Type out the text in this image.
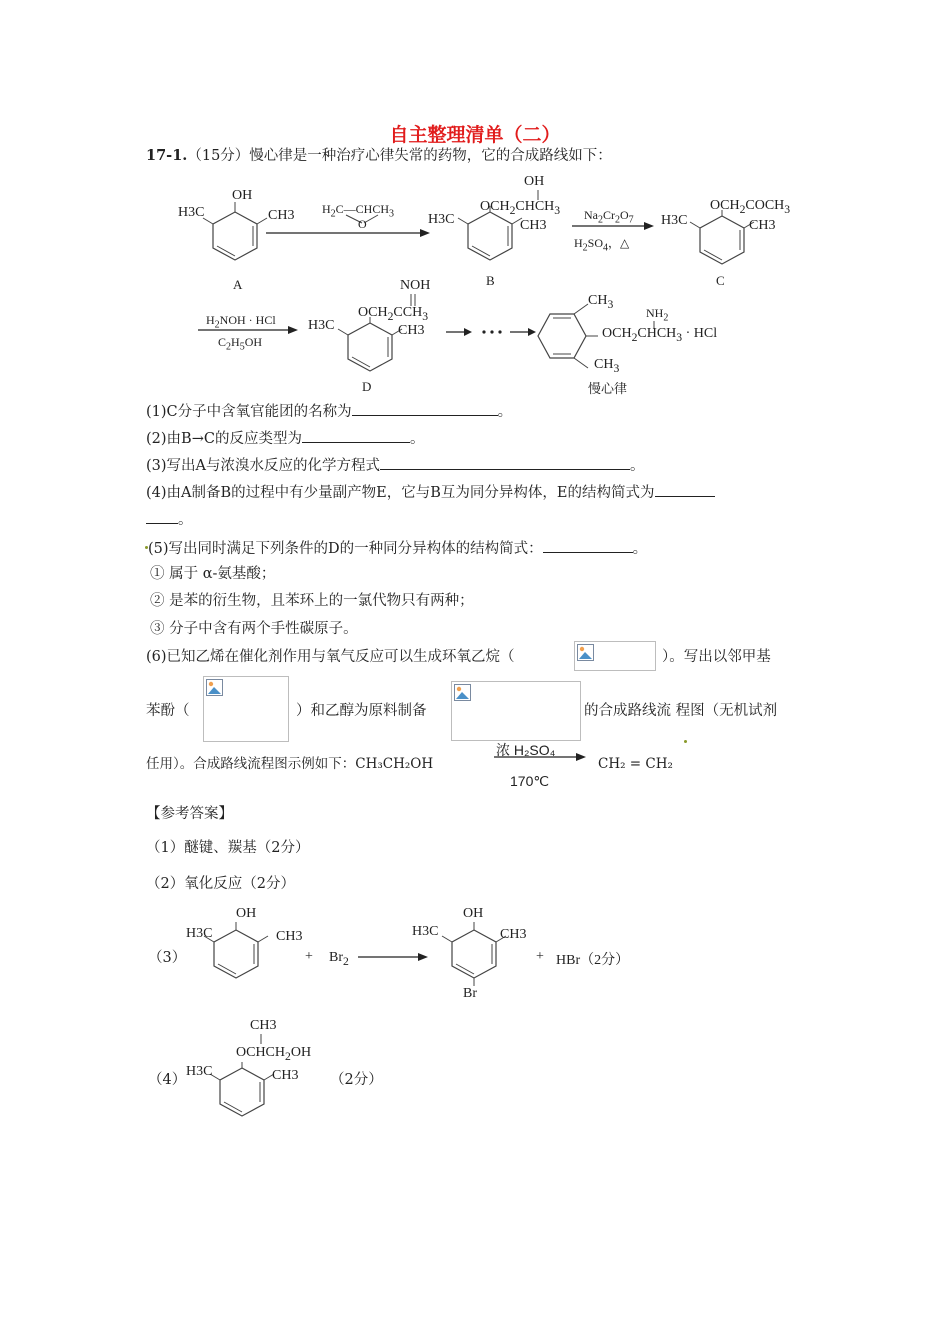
自主整理清单（二）
17-1.（15分）慢心律是一种治疗心律失常的药物，它的合成路线如下：
OH
H3C	CH3
A
$H_2C—CHCH_3$
O
OH
$OCH_2CHCH_3$
H3C	CH3
B
$Na_2Cr_2O_7$
$H_2SO_4$，△
$OCH_2COCH_3$
H3C	CH3
C
$H_2NOH$ · HCl
$C_2H_5OH$
NOH
$OCH_2CCH_3$
H3C	CH3
D
$CH_3$
$NH_2$
$OCH_2CHCH_3$ · HCl
$CH_3$
慢心律
(1)C分子中含氧官能团的名称为	。
(2)由B→C的反应类型为	。
(3)写出A与浓溴水反应的化学方程式	。
(4)由A制备B的过程中有少量副产物E，它与B互为同分异构体，E的结构简式为
。
(5)写出同时满足下列条件的D的一种同分异构体的结构简式：	。
① 属于 α-氨基酸；
② 是苯的衍生物，且苯环上的一氯代物只有两种；
③ 分子中含有两个手性碳原子。
(6)已知乙烯在催化剂作用与氧气反应可以生成环氧乙烷（	）。写出以邻甲基
苯酚（	）和乙醇为原料制备	的合成路线流 程图（无机试剂
任用）。合成路线流程图示例如下：CH₃CH₂OH
浓 H₂SO₄
170℃
CH₂ = CH₂
【参考答案】
（1）醚键、羰基（2分）
（2）氧化反应（2分）
（3）
OH
H3C	CH3
+ $Br_2$
OH
H3C	CH3
Br
+ HBr（2分）
（4）
CH3
$OCHCH_2OH$
H3C	CH3 （2分）
